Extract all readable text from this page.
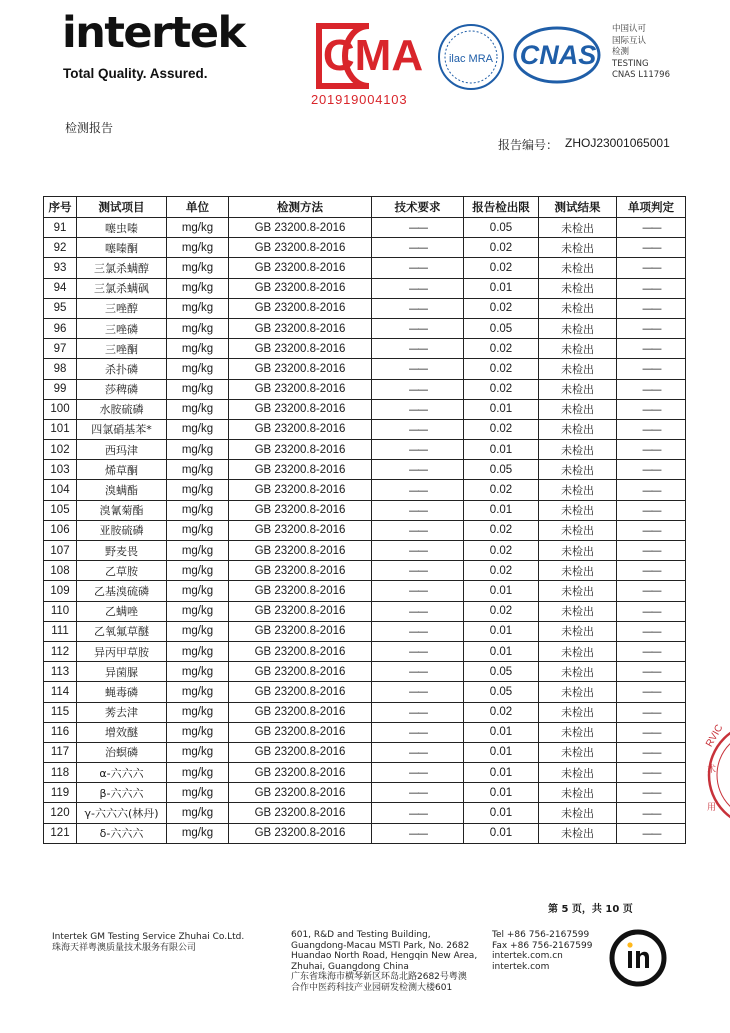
intertek
Total Quality. Assured.	CMA
201919004103
ilac MRA CNAS
中国认可
国际互认
检测
TESTING
CNAS L11796
检测报告
报告编号： ZHOJ23001065001
序号	测试项目	单位	检测方法	技术要求	报告检出限	测试结果	单项判定
91	噻虫嗪	mg/kg	GB 23200.8-2016	——	0.05	未检出	——
92	噻嗪酮	mg/kg	GB 23200.8-2016	——	0.02	未检出	——
93	三氯杀螨醇	mg/kg	GB 23200.8-2016	——	0.02	未检出	——
94	三氯杀螨砜	mg/kg	GB 23200.8-2016	——	0.01	未检出	——
95	三唑醇	mg/kg	GB 23200.8-2016	——	0.02	未检出	——
96	三唑磷	mg/kg	GB 23200.8-2016	——	0.05	未检出	——
97	三唑酮	mg/kg	GB 23200.8-2016	——	0.02	未检出	——
98	杀扑磷	mg/kg	GB 23200.8-2016	——	0.02	未检出	——
99	莎稗磷	mg/kg	GB 23200.8-2016	——	0.02	未检出	——
100	水胺硫磷	mg/kg	GB 23200.8-2016	——	0.01	未检出	——
101	四氯硝基苯*	mg/kg	GB 23200.8-2016	——	0.02	未检出	——
102	西玛津	mg/kg	GB 23200.8-2016	——	0.01	未检出	——
103	烯草酮	mg/kg	GB 23200.8-2016	——	0.05	未检出	——
104	溴螨酯	mg/kg	GB 23200.8-2016	——	0.02	未检出	——
105	溴氰菊酯	mg/kg	GB 23200.8-2016	——	0.01	未检出	——
106	亚胺硫磷	mg/kg	GB 23200.8-2016	——	0.02	未检出	——
107	野麦畏	mg/kg	GB 23200.8-2016	——	0.02	未检出	——
108	乙草胺	mg/kg	GB 23200.8-2016	——	0.02	未检出	——
109	乙基溴硫磷	mg/kg	GB 23200.8-2016	——	0.01	未检出	——
110	乙螨唑	mg/kg	GB 23200.8-2016	——	0.02	未检出	——
111	乙氧氟草醚	mg/kg	GB 23200.8-2016	——	0.01	未检出	——
112	异丙甲草胺	mg/kg	GB 23200.8-2016	——	0.01	未检出	——
113	异菌脲	mg/kg	GB 23200.8-2016	——	0.05	未检出	——
114	蝇毒磷	mg/kg	GB 23200.8-2016	——	0.05	未检出	——
115	莠去津	mg/kg	GB 23200.8-2016	——	0.02	未检出	——
116	增效醚	mg/kg	GB 23200.8-2016	——	0.01	未检出	——
117	治螟磷	mg/kg	GB 23200.8-2016	——	0.01	未检出	——
118	α-六六六	mg/kg	GB 23200.8-2016	——	0.01	未检出	——
119	β-六六六	mg/kg	GB 23200.8-2016	——	0.01	未检出	——
120	γ-六六六(林丹)	mg/kg	GB 23200.8-2016	——	0.01	未检出	——
121	δ-六六六	mg/kg	GB 23200.8-2016	——	0.01	未检出	——
第 5 页，共 10 页
Intertek GM Testing Service Zhuhai Co.Ltd.
珠海天祥粤澳质量技术服务有限公司
601, R&D and Testing Building,
Guangdong-Macau MSTI Park, No. 2682
Huandao North Road, Hengqin New Area,
Zhuhai, Guangdong China
广东省珠海市横琴新区环岛北路2682号粤澳
合作中医药科技产业园研发检测大楼601
Tel +86 756-2167599
Fax +86 756-2167599
intertek.com.cn
intertek.com
RVIC
术
用
